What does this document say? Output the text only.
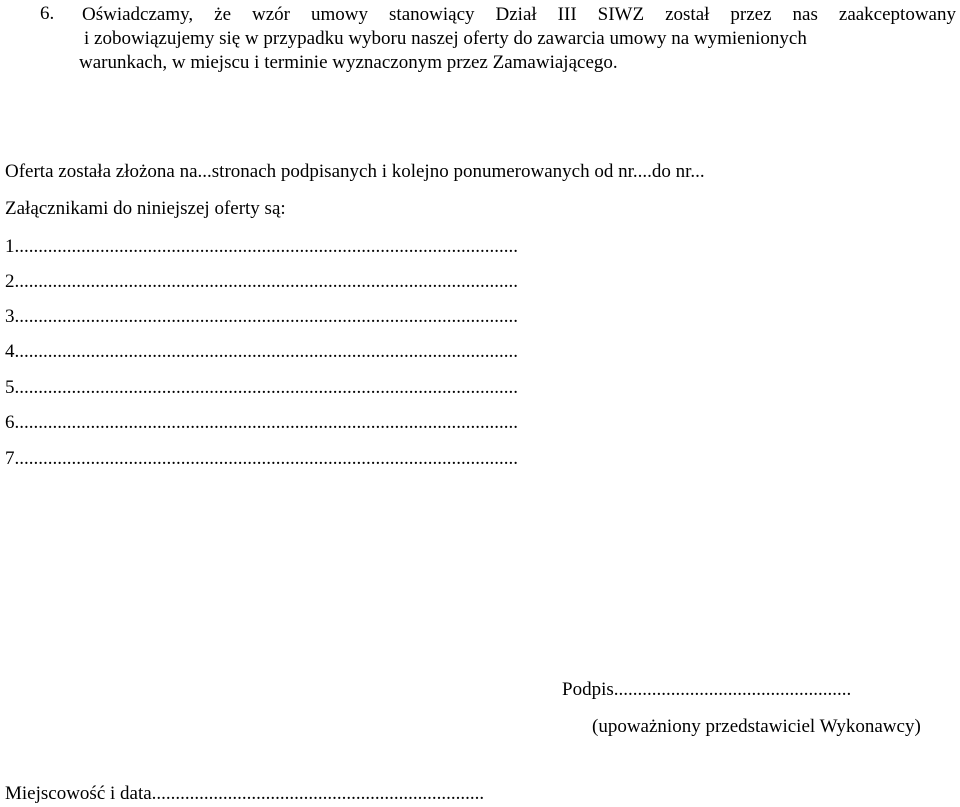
6. Oświadczamy, że wzór umowy stanowiący Dział III SIWZ został przez nas zaakceptowany
i zobowiązujemy się w przypadku wyboru naszej oferty do zawarcia umowy na wymienionych
warunkach, w miejscu i terminie wyznaczonym przez Zamawiającego.
Oferta została złożona na...stronach podpisanych i kolejno ponumerowanych od nr....do nr...
Załącznikami do niniejszej oferty są:
1..........................................................................................................
2..........................................................................................................
3..........................................................................................................
4..........................................................................................................
5..........................................................................................................
6..........................................................................................................
7..........................................................................................................
Podpis..................................................
(upoważniony przedstawiciel Wykonawcy)
Miejscowość i data......................................................................
